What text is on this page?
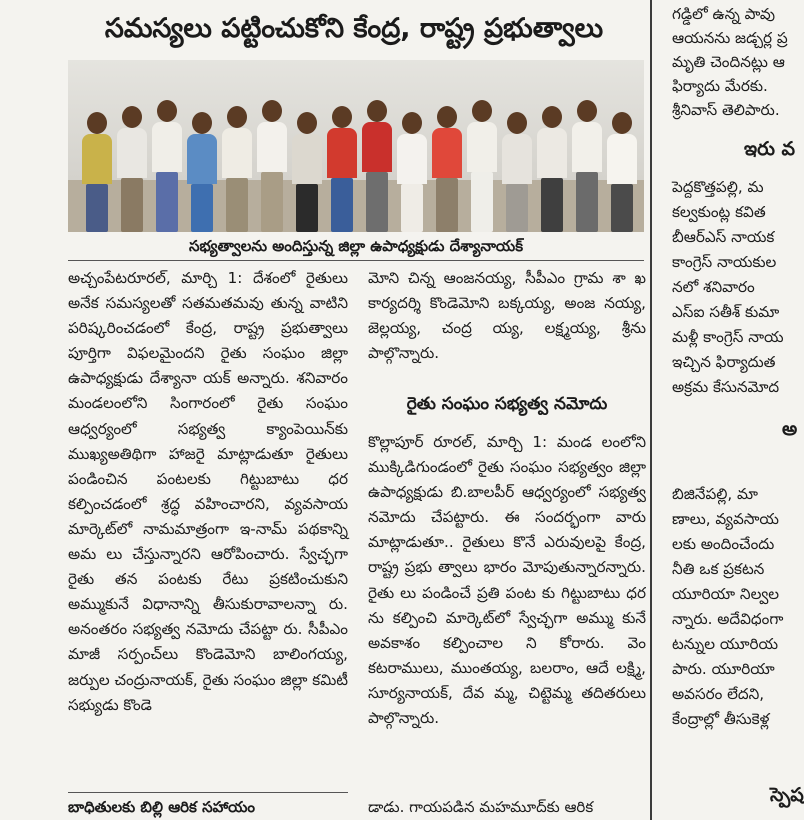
సమస్యలు పట్టించుకోని కేంద్ర, రాష్ట్ర ప్రభుత్వాలు
సభ్యత్వాలను అందిస్తున్న జిల్లా ఉపాధ్యక్షుడు దేశ్యానాయక్

అచ్చంపేటరూరల్, మార్చి 1: దేశంలో రైతులు అనేక సమస్యలతో సతమతమవు తున్న వాటిని పరిష్కరించడంలో కేంద్ర, రాష్ట్ర ప్రభుత్వాలు పూర్తిగా విఫలమైందని రైతు సంఘం జిల్లా ఉపాధ్యక్షుడు దేశ్యానా యక్ అన్నారు. శనివారం మండలంలోని సింగారంలో రైతు సంఘం ఆధ్వర్యంలో సభ్యత్వ క్యాంపెయిన్‌కు ముఖ్యఅతిథిగా హాజరై మాట్లాడుతూ రైతులు పండించిన పంటలకు గిట్టుబాటు ధర కల్పించడంలో శ్రద్ధ వహించారని, వ్యవసాయ మార్కెట్‌లో నామమాత్రంగా ఇ-నామ్ పథకాన్ని అమ లు చేస్తున్నారని ఆరోపించారు. స్వేచ్ఛగా రైతు తన పంటకు రేటు ప్రకటించుకుని అమ్ముకునే విధానాన్ని తీసుకురావాలన్నా రు. అనంతరం సభ్యత్వ నమోదు చేపట్టా రు. సీపీఎం మాజీ సర్పంచ్‌లు కొండెమోని బాలింగయ్య, జర్పుల చంద్రునాయక్, రైతు సంఘం జిల్లా కమిటీ సభ్యుడు కొండె

మోని చిన్న ఆంజనయ్య, సీపీఎం గ్రామ శా ఖ కార్యదర్శి కొండెమోని బక్కయ్య, అంజ నయ్య, జెల్లయ్య, చంద్ర య్య, లక్ష్మయ్య, శ్రీను పాల్గొన్నారు.

రైతు సంఘం సభ్యత్వ నమోదు

కొల్లాపూర్ రూరల్, మార్చి 1: మండ లంలోని ముక్కిడిగుండంలో రైతు సంఘం సభ్యత్వం జిల్లా ఉపాధ్యక్షుడు బి.బాలపీర్ ఆధ్వర్యంలో సభ్యత్వ నమోదు చేపట్టారు. ఈ సందర్భంగా వారు మాట్లాడుతూ.. రైతులు కొనే ఎరువులపై కేంద్ర, రాష్ట్ర ప్రభు త్వాలు భారం మోపుతున్నారన్నారు. రైతు లు పండించే ప్రతి పంట కు గిట్టుబాటు ధర ను కల్పించి మార్కెట్‌లో స్వేచ్ఛగా అమ్ము కునే అవకాశం కల్పించాల ని కోరారు. వెం కటరాములు, ముంతయ్య, బలరాం, ఆదే లక్ష్మి, సూర్యనాయక్, దేవ మ్మ, చిట్టెమ్మ తదితరులు పాల్గొన్నారు.

బాధితులకు బిల్లి ఆరిక సహాయం	డాడు. గాయపడిన మహమూద్‌కు ఆరిక
గడ్డిలో ఉన్న పావు
ఆయనను జడ్చర్ల ప్ర
మృతి చెందినట్లు ఆ
ఫిర్యాదు మేరకు.
శ్రీనివాస్ తెలిపారు.
ఇరు వ
పెద్దకొత్తపల్లి, మ
కల్వకుంట్ల కవిత
బీఆర్ఎస్ నాయక
కాంగ్రెస్ నాయకుల
నలో శనివారం
ఎస్ఐ సతీశ్ కుమా
మళ్లీ కాంగ్రెస్ నాయ
ఇచ్చిన ఫిర్యాదుత
అక్రమ కేసునమోద
అ
బిజినేపల్లి, మా
ణాలు, వ్యవసాయ
లకు అందించేందు
నీతి ఒక ప్రకటన
యూరియా నిల్వల
న్నారు. అదేవిధంగా
టన్నుల యూరియ
పారు. యూరియా
అవసరం లేదని,
కేంద్రాల్లో తీసుకెళ్ల
స్పెష
